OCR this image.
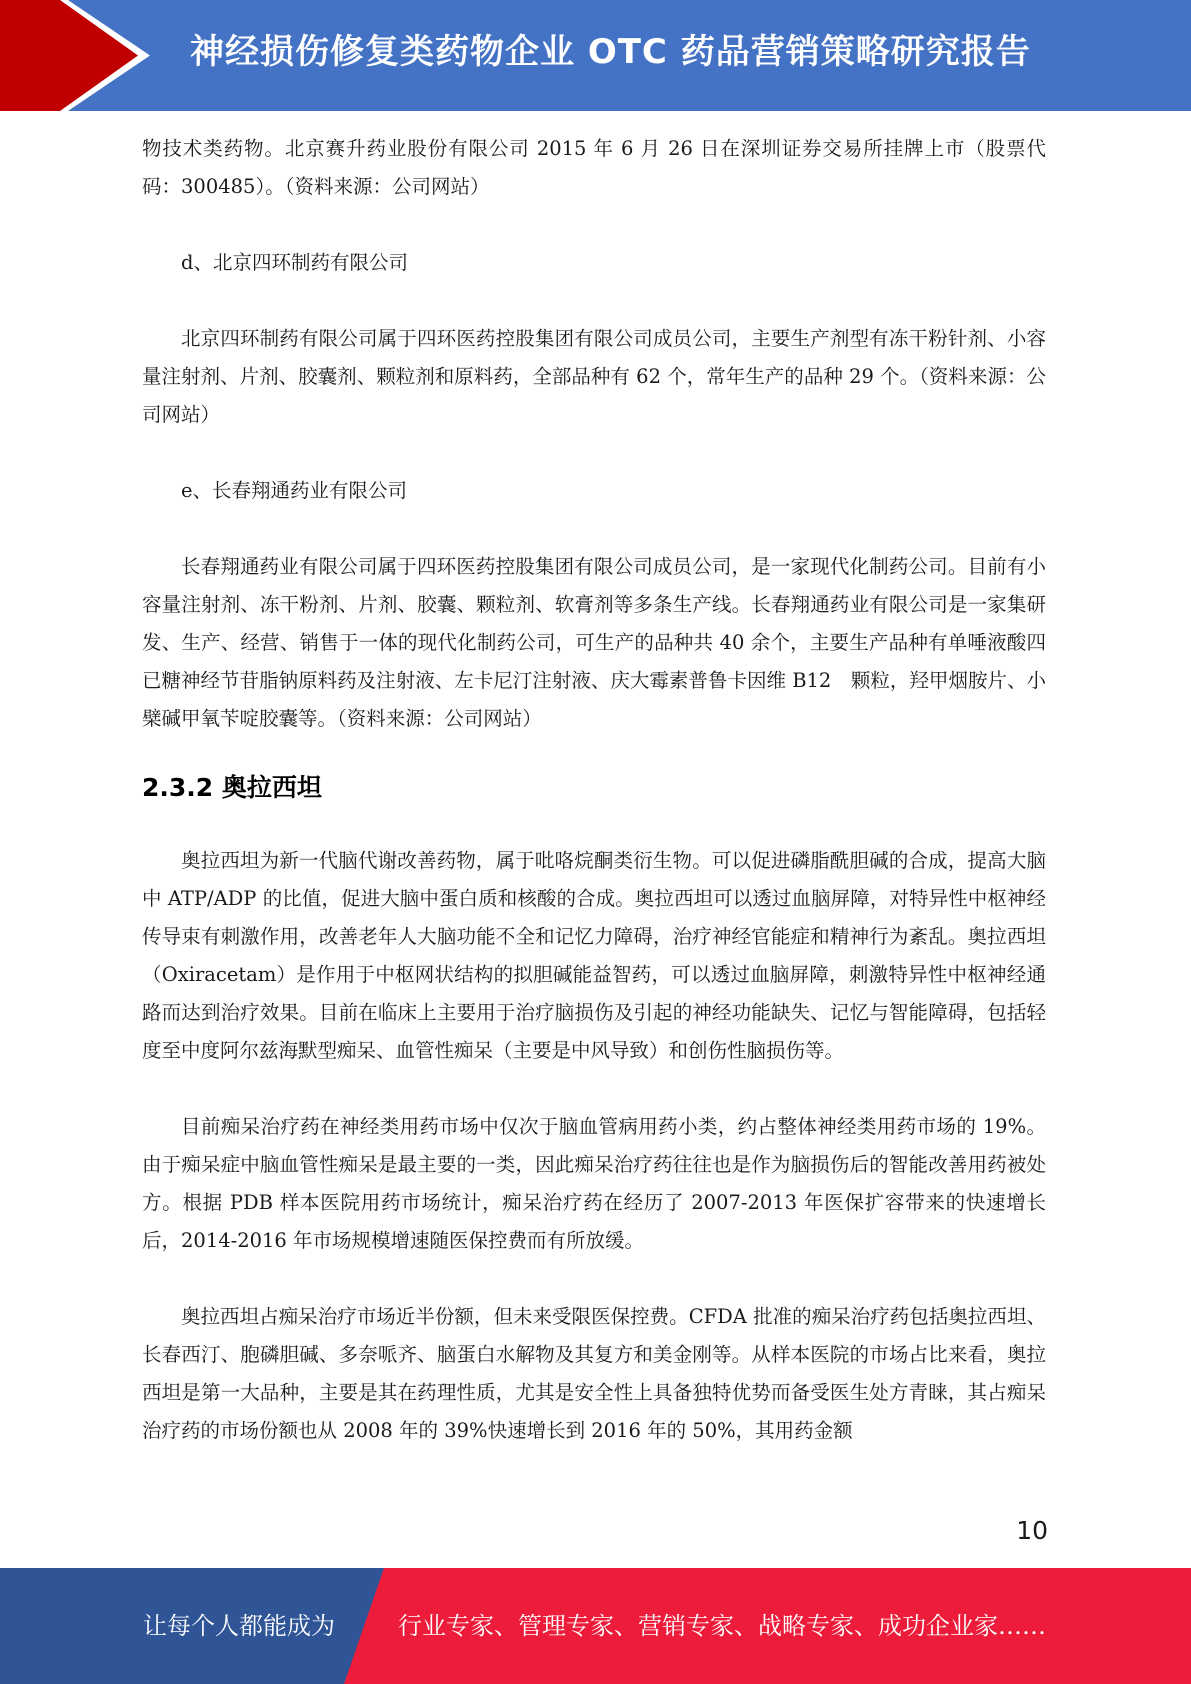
神经损伤修复类药物企业 OTC 药品营销策略研究报告

物技术类药物。北京赛升药业股份有限公司 2015 年 6 月 26 日在深圳证券交易所挂牌上市（股票代码：300485）。（资料来源：公司网站）

d、北京四环制药有限公司

北京四环制药有限公司属于四环医药控股集团有限公司成员公司，主要生产剂型有冻干粉针剂、小容量注射剂、片剂、胶囊剂、颗粒剂和原料药，全部品种有 62 个，常年生产的品种 29 个。（资料来源：公司网站）

e、长春翔通药业有限公司

长春翔通药业有限公司属于四环医药控股集团有限公司成员公司，是一家现代化制药公司。目前有小容量注射剂、冻干粉剂、片剂、胶囊、颗粒剂、软膏剂等多条生产线。长春翔通药业有限公司是一家集研发、生产、经营、销售于一体的现代化制药公司，可生产的品种共 40 余个，主要生产品种有单唾液酸四已糖神经节苷脂钠原料药及注射液、左卡尼汀注射液、庆大霉素普鲁卡因维 B12　颗粒，羟甲烟胺片、小檗碱甲氧苄啶胶囊等。（资料来源：公司网站）

2.3.2 奥拉西坦

奥拉西坦为新一代脑代谢改善药物，属于吡咯烷酮类衍生物。可以促进磷脂酰胆碱的合成，提高大脑中 ATP/ADP 的比值，促进大脑中蛋白质和核酸的合成。奥拉西坦可以透过血脑屏障，对特异性中枢神经传导束有刺激作用，改善老年人大脑功能不全和记忆力障碍，治疗神经官能症和精神行为紊乱。奥拉西坦（Oxiracetam）是作用于中枢网状结构的拟胆碱能益智药，可以透过血脑屏障，刺激特异性中枢神经通路而达到治疗效果。目前在临床上主要用于治疗脑损伤及引起的神经功能缺失、记忆与智能障碍，包括轻度至中度阿尔兹海默型痴呆、血管性痴呆（主要是中风导致）和创伤性脑损伤等。

目前痴呆治疗药在神经类用药市场中仅次于脑血管病用药小类，约占整体神经类用药市场的 19%。由于痴呆症中脑血管性痴呆是最主要的一类，因此痴呆治疗药往往也是作为脑损伤后的智能改善用药被处方。根据 PDB 样本医院用药市场统计，痴呆治疗药在经历了 2007-2013 年医保扩容带来的快速增长后，2014-2016 年市场规模增速随医保控费而有所放缓。

奥拉西坦占痴呆治疗市场近半份额，但未来受限医保控费。CFDA 批准的痴呆治疗药包括奥拉西坦、长春西汀、胞磷胆碱、多奈哌齐、脑蛋白水解物及其复方和美金刚等。从样本医院的市场占比来看，奥拉西坦是第一大品种，主要是其在药理性质，尤其是安全性上具备独特优势而备受医生处方青睐，其占痴呆治疗药的市场份额也从 2008 年的 39%快速增长到 2016 年的 50%，其用药金额

10
让每个人都能成为	行业专家、管理专家、营销专家、战略专家、成功企业家……
